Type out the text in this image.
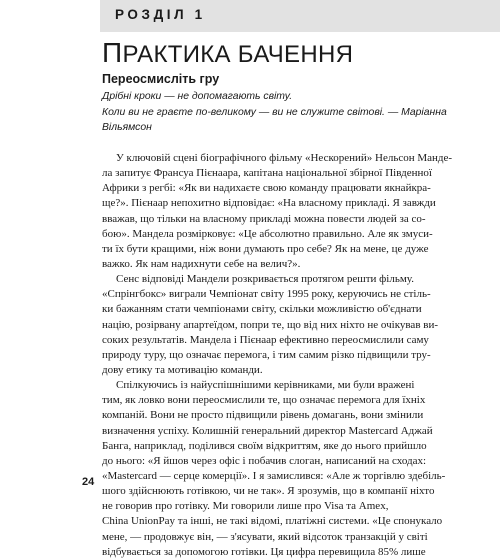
РОЗДІЛ 1
ПРАКТИКА БАЧЕННЯ
Переосмисліть гру

Дрібні кроки — не допомагають світу.

Коли ви не граєте по-великому — ви не служите світові. — Маріанна

Вільямсон

У ключовій сцені біографічного фільму «Нескорений» Нельсон Манде-
ла запитує Франсуа Пієнаара, капітана національної збірної Південної
Африки з регбі: «Як ви надихаєте свою команду працювати якнайкра-
ще?». Пієнаар непохитно відповідає: «На власному прикладі. Я завжди
вважав, що тільки на власному прикладі можна повести людей за со-
бою». Мандела розмірковує: «Це абсолютно правильно. Але як змуси-
ти їх бути кращими, ніж вони думають про себе? Як на мене, це дуже
важко. Як нам надихнути себе на велич?».
Сенс відповіді Мандели розкривається протягом решти фільму.
«Спрінгбокс» виграли Чемпіонат світу 1995 року, керуючись не стіль-
ки бажанням стати чемпіонами світу, скільки можливістю об'єднати
націю, розірвану апартеїдом, попри те, що від них ніхто не очікував ви-
соких результатів. Мандела і Пієнаар ефективно переосмислили саму
природу туру, що означає перемога, і тим самим різко підвищили тру-
дову етику та мотивацію команди.
Спілкуючись із найуспішнішими керівниками, ми були вражені
тим, як ловко вони переосмислили те, що означає перемога для їхніх
компаній. Вони не просто підвищили рівень домагань, вони змінили
визначення успіху. Колишній генеральний директор Mastercard Аджай
Банга, наприклад, поділився своїм відкриттям, яке до нього прийшло
до нього: «Я йшов через офіс і побачив слоган, написаний на сходах:
«Mastercard — серце комерції». І я замислився: «Але ж торгівлю здебіль-
шого здійснюють готівкою, чи не так». Я зрозумів, що в компанії ніхто
не говорив про готівку. Ми говорили лише про Visa та Amex,
China UnionPay та інші, не такі відомі, платіжні системи. «Це спонукало
мене, — продовжує він, — з'ясувати, який відсоток транзакцій у світі
відбувається за допомогою готівки. Ця цифра перевищила 85% лише
24
